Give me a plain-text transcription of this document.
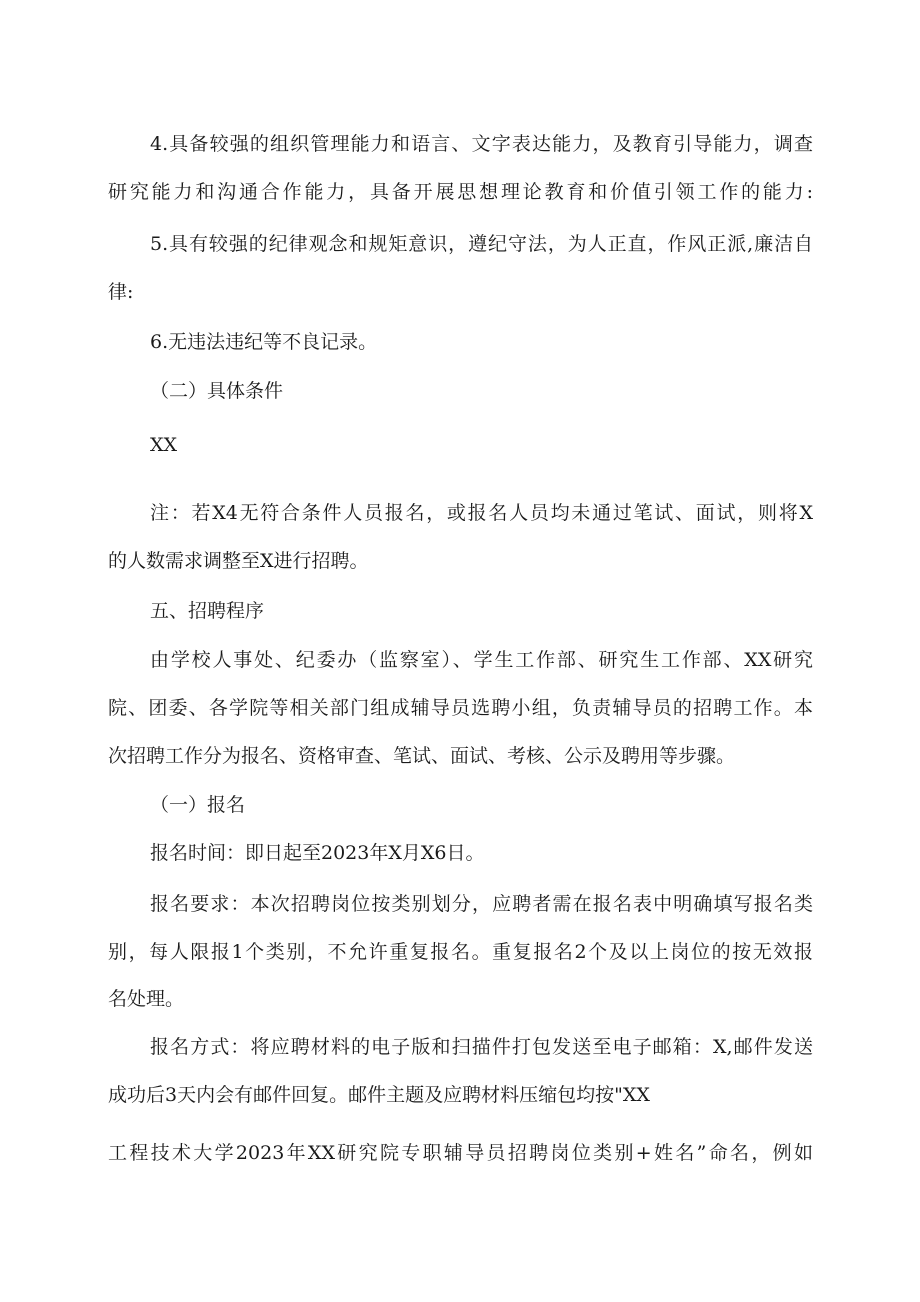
4.具备较强的组织管理能力和语言、文字表达能力，及教育引导能力，调查
研究能力和沟通合作能力，具备开展思想理论教育和价值引领工作的能力:
5.具有较强的纪律观念和规矩意识，遵纪守法，为人正直，作风正派,廉洁自
律:
6.无违法违纪等不良记录。
（二）具体条件
XX
注：若X4无符合条件人员报名，或报名人员均未通过笔试、面试，则将X
的人数需求调整至X进行招聘。
五、招聘程序
由学校人事处、纪委办（监察室）、学生工作部、研究生工作部、XX研究
院、团委、各学院等相关部门组成辅导员选聘小组，负责辅导员的招聘工作。本
次招聘工作分为报名、资格审查、笔试、面试、考核、公示及聘用等步骤。
（一）报名
报名时间：即日起至2023年X月X6日。
报名要求：本次招聘岗位按类别划分，应聘者需在报名表中明确填写报名类
别，每人限报1个类别，不允许重复报名。重复报名2个及以上岗位的按无效报
名处理。
报名方式：将应聘材料的电子版和扫描件打包发送至电子邮箱：X,邮件发送
成功后3天内会有邮件回复。邮件主题及应聘材料压缩包均按"XX
工程技术大学2023年XX研究院专职辅导员招聘岗位类别+姓名”命名，例如
